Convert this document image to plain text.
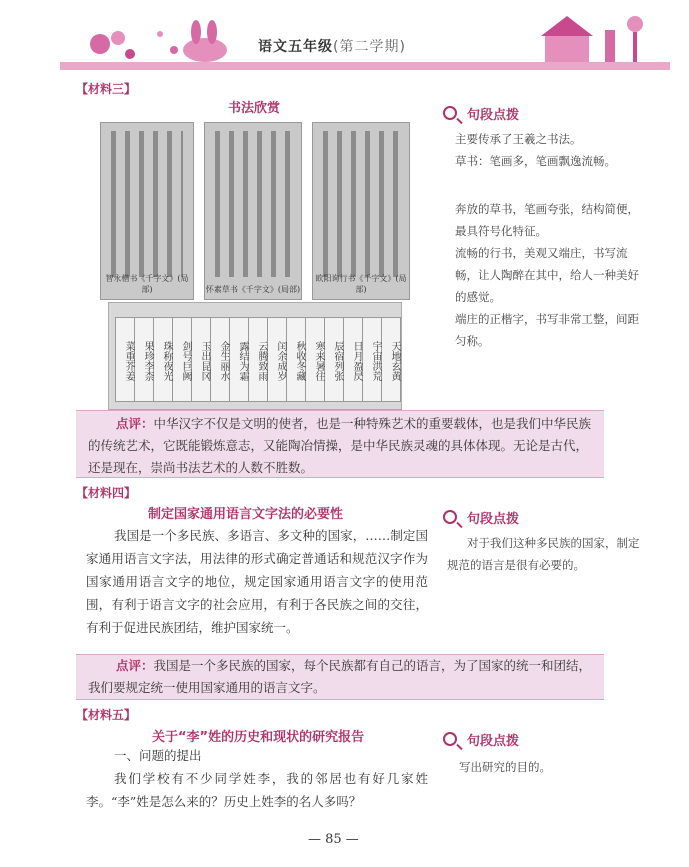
语文五年级(第二学期)
【材料三】
书法欣赏
智永楷书《千字文》(局部)	怀素草书《千字文》(局部)
欧阳询行书《千字文》(局部)
天地玄黄
宇宙洪荒
日月盈昃
辰宿列张
寒来暑往
秋收冬藏
闰余成岁
云腾致雨
露结为霜
金生丽水
玉出昆冈
剑号巨阙
珠称夜光
果珍李柰
菜重芥姜
句段点拨
主要传承了王羲之书法。
草书：笔画多，笔画飘逸流畅。
奔放的草书，笔画夸张，结构简便，最具符号化特征。
流畅的行书，美观又端庄，书写流畅，让人陶醉在其中，给人一种美好的感觉。
端庄的正楷字，书写非常工整，间距匀称。
点评：中华汉字不仅是文明的使者，也是一种特殊艺术的重要载体，也是我们中华民族的传统艺术，它既能锻炼意志，又能陶冶情操，是中华民族灵魂的具体体现。无论是古代，还是现在，崇尚书法艺术的人数不胜数。
【材料四】
制定国家通用语言文字法的必要性
我国是一个多民族、多语言、多文种的国家，……制定国家通用语言文字法，用法律的形式确定普通话和规范汉字作为国家通用语言文字的地位，规定国家通用语言文字的使用范围，有利于语言文字的社会应用，有利于各民族之间的交往，有利于促进民族团结，维护国家统一。
句段点拨
对于我们这种多民族的国家，制定规范的语言是很有必要的。
点评：我国是一个多民族的国家，每个民族都有自己的语言，为了国家的统一和团结，我们要规定统一使用国家通用的语言文字。
【材料五】
关于“李”姓的历史和现状的研究报告
一、问题的提出
我们学校有不少同学姓李，我的邻居也有好几家姓李。“李”姓是怎么来的？历史上姓李的名人多吗？
句段点拨
写出研究的目的。
— 85 —
